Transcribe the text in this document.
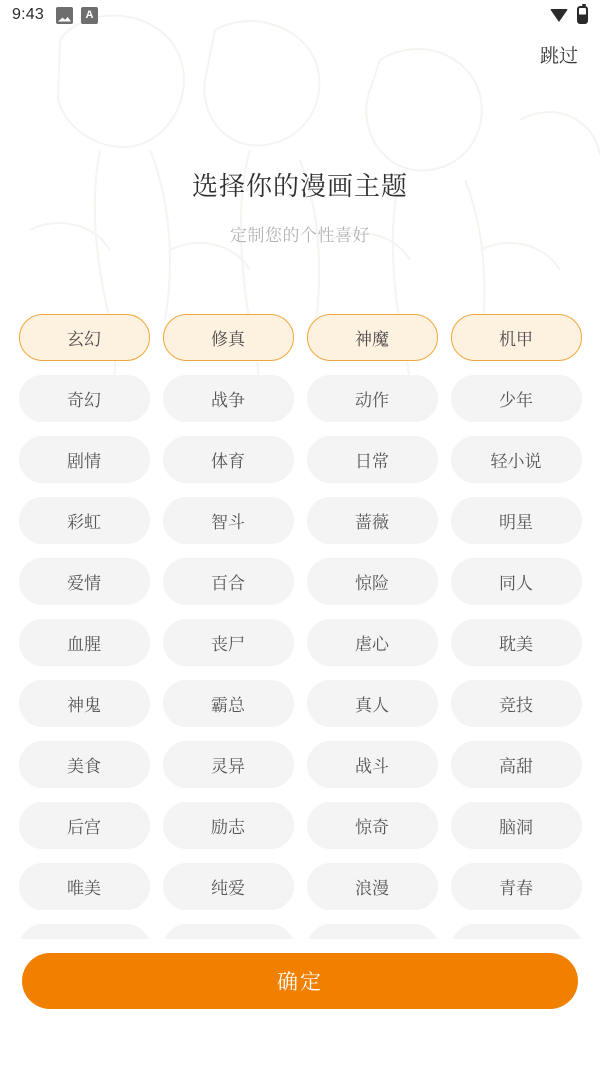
9:43	A
跳过
选择你的漫画主题
定制您的个性喜好
玄幻	修真	神魔	机甲
奇幻	战争	动作	少年
剧情	体育	日常	轻小说
彩虹	智斗	蔷薇	明星
爱情	百合	惊险	同人
血腥	丧尸	虐心	耽美
神鬼	霸总	真人	竞技
美食	灵异	战斗	高甜
后宫	励志	惊奇	脑洞
唯美	纯爱	浪漫	青春
确定
